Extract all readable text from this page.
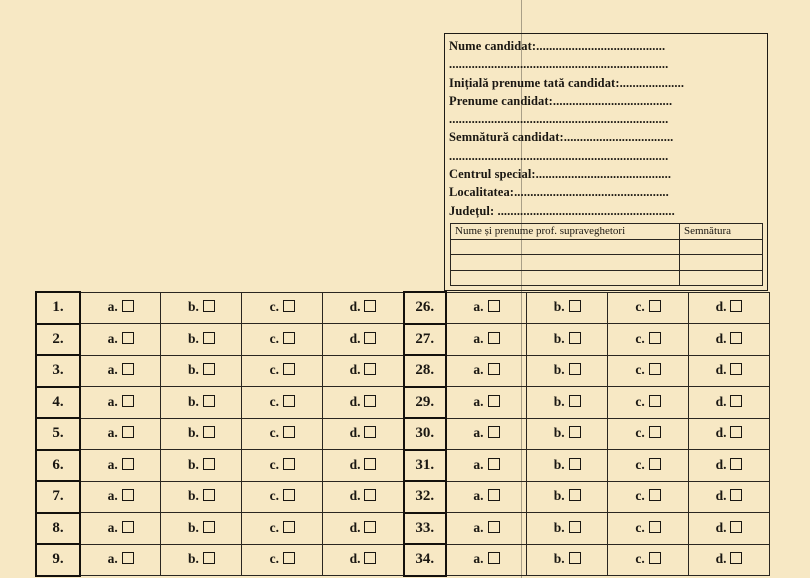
Nume candidat:........................................
....................................................................
Inițială prenume tată candidat:....................
Prenume candidat:.....................................
....................................................................
Semnătură candidat:..................................
....................................................................
Centrul special:..........................................
Localitatea:................................................
Județul: .......................................................
Nume și prenume prof. supraveghetori	Semnătura

1.	a.	b.	c.	d.	26.	a.	b.	c.	d.
2.	a.	b.	c.	d.	27.	a.	b.	c.	d.
3.	a.	b.	c.	d.	28.	a.	b.	c.	d.
4.	a.	b.	c.	d.	29.	a.	b.	c.	d.
5.	a.	b.	c.	d.	30.	a.	b.	c.	d.
6.	a.	b.	c.	d.	31.	a.	b.	c.	d.
7.	a.	b.	c.	d.	32.	a.	b.	c.	d.
8.	a.	b.	c.	d.	33.	a.	b.	c.	d.
9.	a.	b.	c.	d.	34.	a.	b.	c.	d.
